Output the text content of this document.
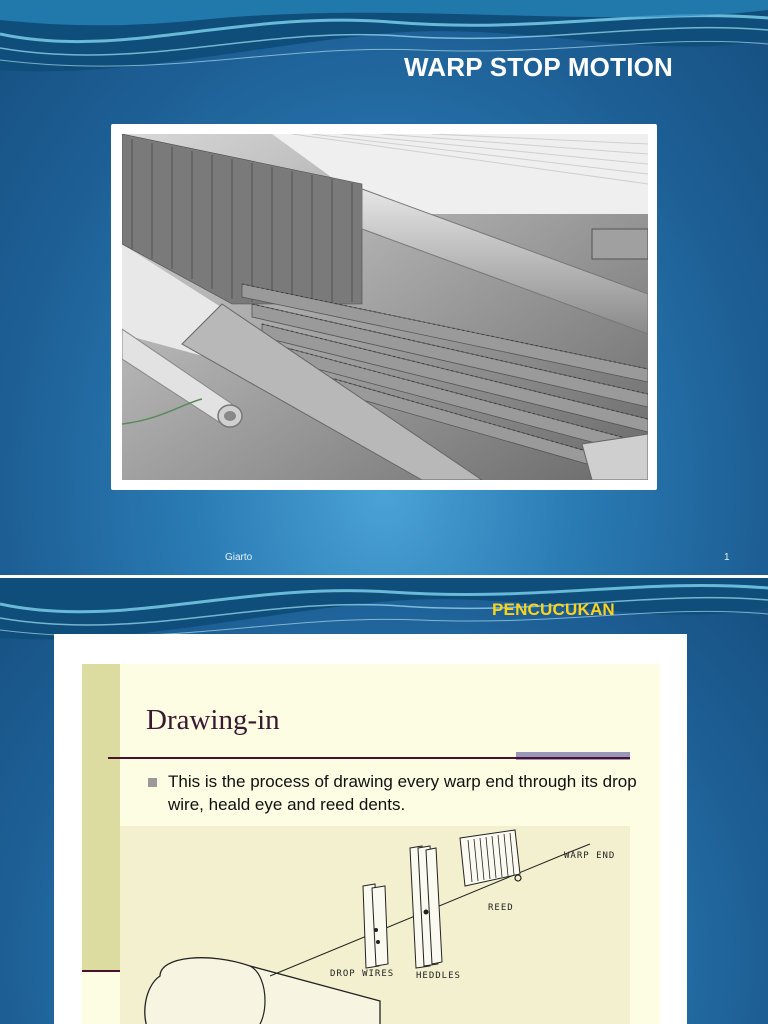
WARP STOP MOTION
Giarto	1
PENCUCUKAN
Drawing-in
This is the process of drawing every warp end through its drop wire, heald eye and reed dents.
WARP END
REED
DROP WIRES HEDDLES
